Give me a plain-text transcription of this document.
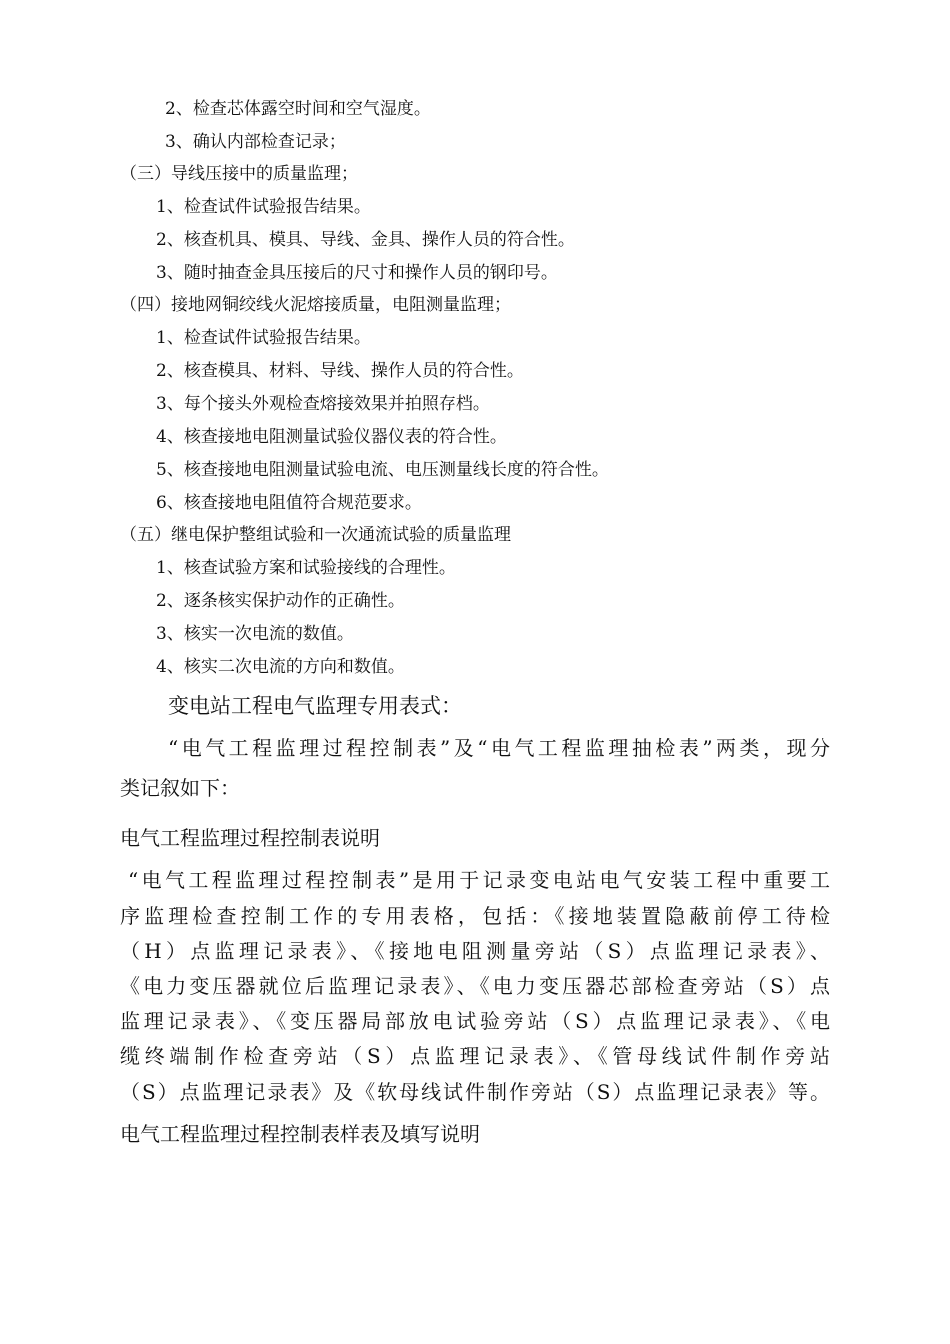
2、检查芯体露空时间和空气湿度。
3、确认内部检查记录；
（三）导线压接中的质量监理；
1、检查试件试验报告结果。
2、核查机具、模具、导线、金具、操作人员的符合性。
3、随时抽查金具压接后的尺寸和操作人员的钢印号。
（四）接地网铜绞线火泥熔接质量，电阻测量监理；
1、检查试件试验报告结果。
2、核查模具、材料、导线、操作人员的符合性。
3、每个接头外观检查熔接效果并拍照存档。
4、核查接地电阻测量试验仪器仪表的符合性。
5、核查接地电阻测量试验电流、电压测量线长度的符合性。
6、核查接地电阻值符合规范要求。
（五）继电保护整组试验和一次通流试验的质量监理
1、核查试验方案和试验接线的合理性。
2、逐条核实保护动作的正确性。
3、核实一次电流的数值。
4、核实二次电流的方向和数值。
变电站工程电气监理专用表式：
“电气工程监理过程控制表”及“电气工程监理抽检表”两类，现分
类记叙如下：
电气工程监理过程控制表说明
“电气工程监理过程控制表”是用于记录变电站电气安装工程中重要工
序监理检查控制工作的专用表格，包括：《接地装置隐蔽前停工待检
（H）点监理记录表》、《接地电阻测量旁站（S）点监理记录表》、
《电力变压器就位后监理记录表》、《电力变压器芯部检查旁站（S）点
监理记录表》、《变压器局部放电试验旁站（S）点监理记录表》、《电
缆终端制作检查旁站（S）点监理记录表》、《管母线试件制作旁站
（S）点监理记录表》及《软母线试件制作旁站（S）点监理记录表》等。
电气工程监理过程控制表样表及填写说明
